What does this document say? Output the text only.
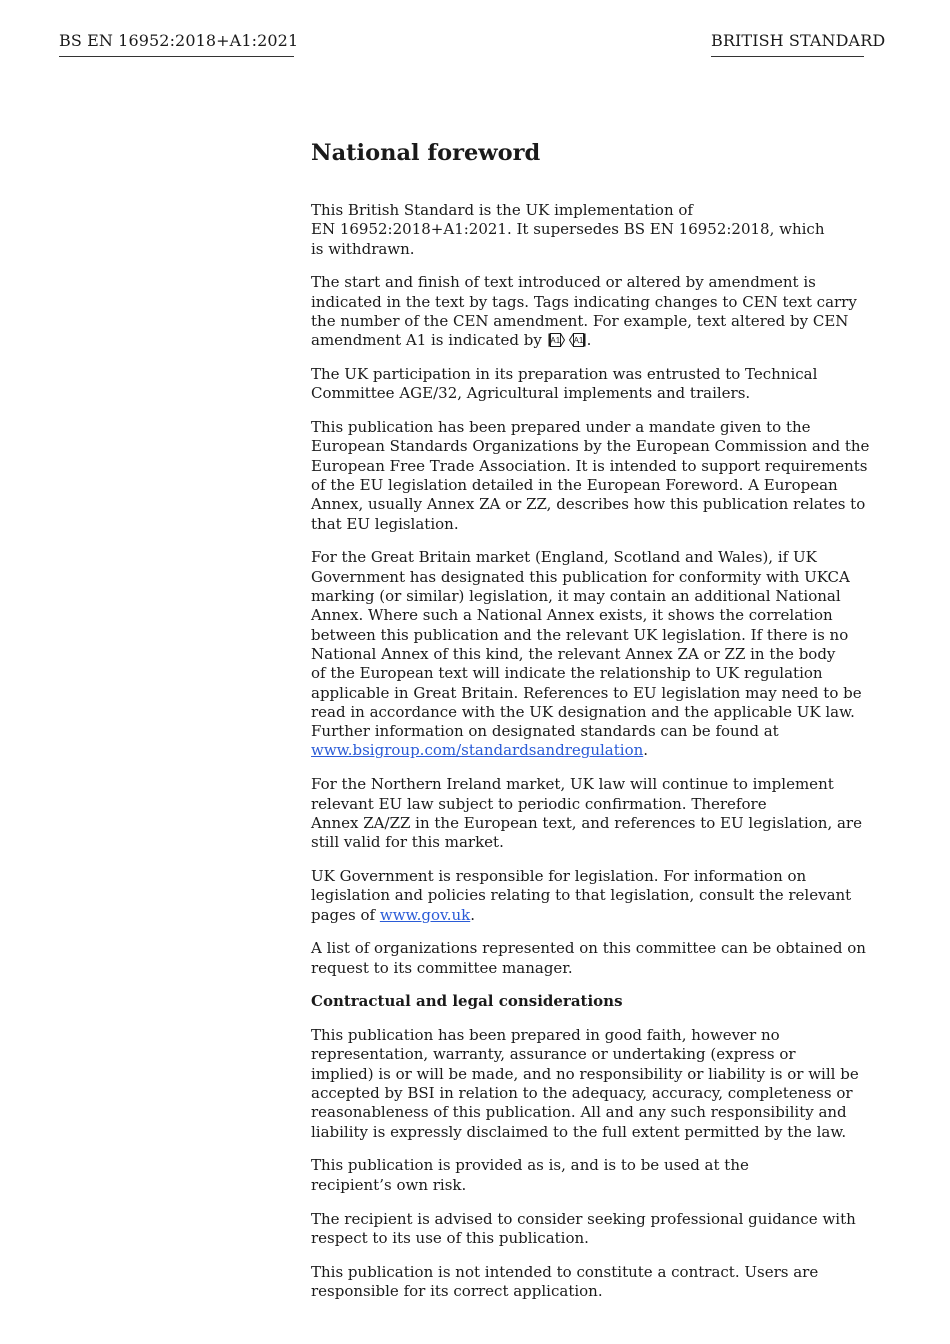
BS EN 16952:2018+A1:2021	BRITISH STANDARD
National foreword
This British Standard is the UK implementation of
EN 16952:2018+A1:2021. It supersedes BS EN 16952:2018, which
is withdrawn.
The start and finish of text introduced or altered by amendment is
indicated in the text by tags. Tags indicating changes to CEN text carry
the number of the CEN amendment. For example, text altered by CEN
amendment A1 is indicated by A1 A1 .
The UK participation in its preparation was entrusted to Technical
Committee AGE/32, Agricultural implements and trailers.
This publication has been prepared under a mandate given to the
European Standards Organizations by the European Commission and the
European Free Trade Association. It is intended to support requirements
of the EU legislation detailed in the European Foreword. A European
Annex, usually Annex ZA or ZZ, describes how this publication relates to
that EU legislation.
For the Great Britain market (England, Scotland and Wales), if UK
Government has designated this publication for conformity with UKCA
marking (or similar) legislation, it may contain an additional National
Annex. Where such a National Annex exists, it shows the correlation
between this publication and the relevant UK legislation. If there is no
National Annex of this kind, the relevant Annex ZA or ZZ in the body
of the European text will indicate the relationship to UK regulation
applicable in Great Britain. References to EU legislation may need to be
read in accordance with the UK designation and the applicable UK law.
Further information on designated standards can be found at
www.bsigroup.com/standardsandregulation.
For the Northern Ireland market, UK law will continue to implement
relevant EU law subject to periodic confirmation. Therefore
Annex ZA/ZZ in the European text, and references to EU legislation, are
still valid for this market.
UK Government is responsible for legislation. For information on
legislation and policies relating to that legislation, consult the relevant
pages of www.gov.uk.
A list of organizations represented on this committee can be obtained on
request to its committee manager.
Contractual and legal considerations
This publication has been prepared in good faith, however no
representation, warranty, assurance or undertaking (express or
implied) is or will be made, and no responsibility or liability is or will be
accepted by BSI in relation to the adequacy, accuracy, completeness or
reasonableness of this publication. All and any such responsibility and
liability is expressly disclaimed to the full extent permitted by the law.
This publication is provided as is, and is to be used at the
recipient’s own risk.
The recipient is advised to consider seeking professional guidance with
respect to its use of this publication.
This publication is not intended to constitute a contract. Users are
responsible for its correct application.
